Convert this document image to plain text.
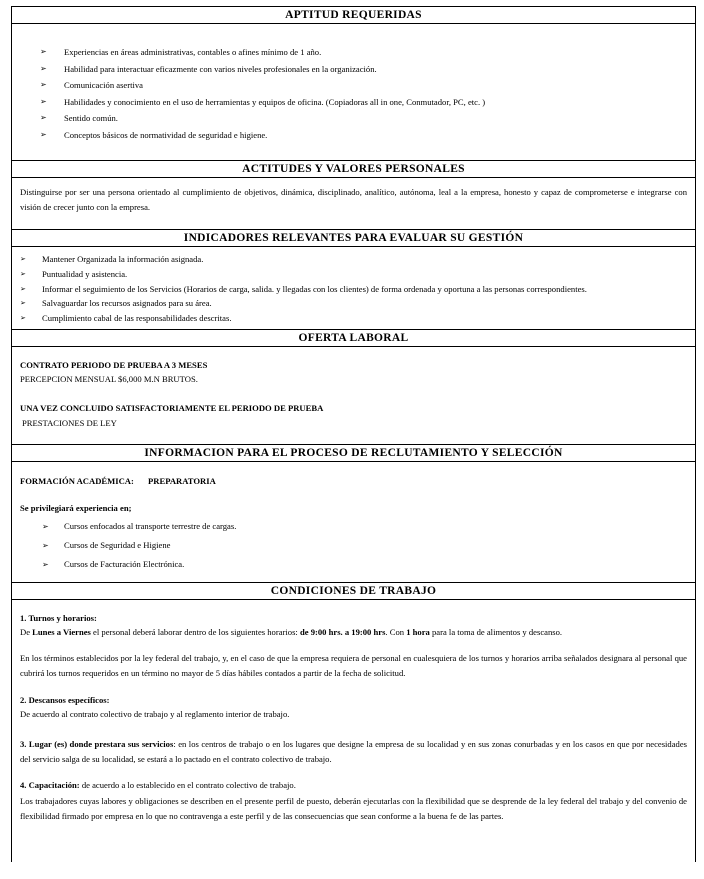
APTITUD REQUERIDAS
➢ Experiencias en áreas administrativas, contables o afines mínimo de 1 año.
➢ Habilidad para interactuar eficazmente con varios niveles profesionales en la organización.
➢ Comunicación asertiva
➢ Habilidades y conocimiento en el uso de herramientas y equipos de oficina. (Copiadoras all in one, Conmutador, PC, etc. )
➢ Sentido común.
➢ Conceptos básicos de normatividad de seguridad e higiene.
ACTITUDES Y VALORES PERSONALES
Distinguirse por ser una persona orientado al cumplimiento de objetivos, dinámica, disciplinado, analítico, autónoma, leal a la empresa, honesto y capaz de comprometerse e integrarse con visión de crecer junto con la empresa.
INDICADORES RELEVANTES PARA EVALUAR SU GESTIÓN
➢ Mantener Organizada la información asignada.
➢ Puntualidad y asistencia.
➢ Informar el seguimiento de los Servicios (Horarios de carga, salida. y llegadas con los clientes) de forma ordenada y oportuna a las personas correspondientes.
➢ Salvaguardar los recursos asignados para su área.
➢ Cumplimiento cabal de las responsabilidades descritas.
OFERTA LABORAL
CONTRATO PERIODO DE PRUEBA A 3 MESES
PERCEPCION MENSUAL $6,000 M.N BRUTOS.
UNA VEZ CONCLUIDO SATISFACTORIAMENTE EL PERIODO DE PRUEBA
PRESTACIONES DE LEY
INFORMACION PARA EL PROCESO DE RECLUTAMIENTO Y SELECCIÓN
FORMACIÓN ACADÉMICA: PREPARATORIA
Se privilegiará experiencia en;
➢ Cursos enfocados al transporte terrestre de cargas.
➢ Cursos de Seguridad e Higiene
➢ Cursos de Facturación Electrónica.
CONDICIONES DE TRABAJO
1. Turnos y horarios:
De Lunes a Viernes el personal deberá laborar dentro de los siguientes horarios: de 9:00 hrs. a 19:00 hrs. Con 1 hora para la toma de alimentos y descanso.
En los términos establecidos por la ley federal del trabajo, y, en el caso de que la empresa requiera de personal en cualesquiera de los turnos y horarios arriba señalados designara al personal que cubrirá los turnos requeridos en un término no mayor de 5 días hábiles contados a partir de la fecha de solicitud.
2. Descansos específicos:
De acuerdo al contrato colectivo de trabajo y al reglamento interior de trabajo.
3. Lugar (es) donde prestara sus servicios: en los centros de trabajo o en los lugares que designe la empresa de su localidad y en sus zonas conurbadas y en los casos en que por necesidades del servicio salga de su localidad, se estará a lo pactado en el contrato colectivo de trabajo.
4. Capacitación: de acuerdo a lo establecido en el contrato colectivo de trabajo.
Los trabajadores cuyas labores y obligaciones se describen en el presente perfil de puesto, deberán ejecutarlas con la flexibilidad que se desprende de la ley federal del trabajo y del convenio de flexibilidad firmado por empresa en lo que no contravenga a este perfil y de las consecuencias que sean conforme a la buena fe de las partes.
